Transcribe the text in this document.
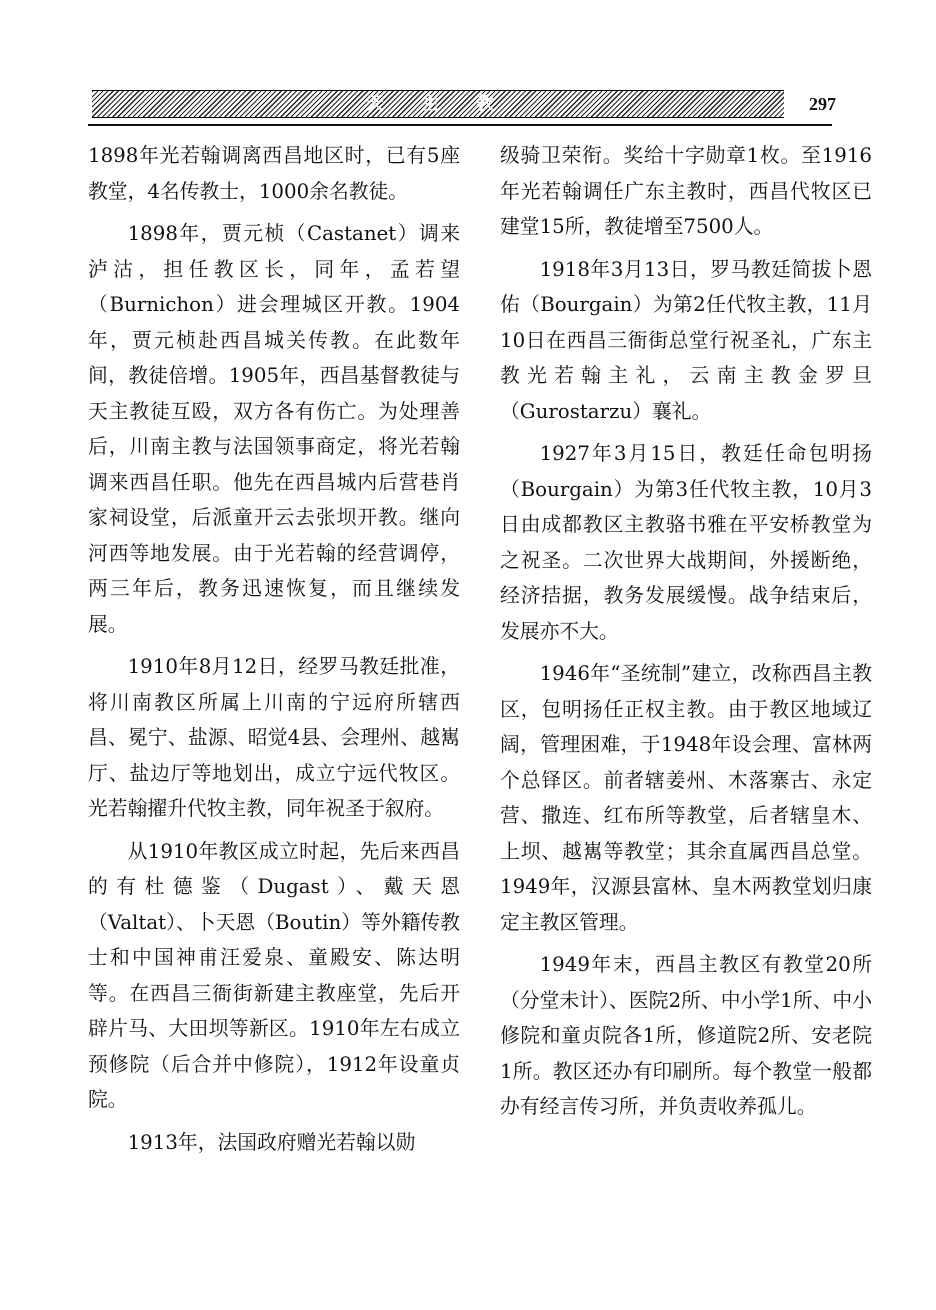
天 主 教	297

1898年光若翰调离西昌地区时，已有5座教堂，4名传教士，1000余名教徒。

1898年，贾元桢（Castanet）调来泸沽，担任教区长，同年，孟若望（Burnichon）进会理城区开教。1904年，贾元桢赴西昌城关传教。在此数年间，教徒倍增。1905年，西昌基督教徒与天主教徒互殴，双方各有伤亡。为处理善后，川南主教与法国领事商定，将光若翰调来西昌任职。他先在西昌城内后营巷肖家祠设堂，后派童开云去张坝开教。继向河西等地发展。由于光若翰的经营调停，两三年后，教务迅速恢复，而且继续发展。

1910年8月12日，经罗马教廷批准，将川南教区所属上川南的宁远府所辖西昌、冕宁、盐源、昭觉4县、会理州、越嶲厅、盐边厅等地划出，成立宁远代牧区。光若翰擢升代牧主教，同年祝圣于叙府。

从1910年教区成立时起，先后来西昌的有杜德鉴（Dugast）、戴天恩（Valtat）、卜天恩（Boutin）等外籍传教士和中国神甫汪爱泉、童殿安、陈达明等。在西昌三衙街新建主教座堂，先后开辟片马、大田坝等新区。1910年左右成立预修院（后合并中修院），1912年设童贞院。

1913年，法国政府赠光若翰以勋

级骑卫荣衔。奖给十字勋章1枚。至1916年光若翰调任广东主教时，西昌代牧区已建堂15所，教徒增至7500人。

1918年3月13日，罗马教廷简拔卜恩佑（Bourgain）为第2任代牧主教，11月10日在西昌三衙街总堂行祝圣礼，广东主教光若翰主礼，云南主教金罗旦（Gurostarzu）襄礼。

1927年3月15日，教廷任命包明扬（Bourgain）为第3任代牧主教，10月3日由成都教区主教骆书雅在平安桥教堂为之祝圣。二次世界大战期间，外援断绝，经济拮据，教务发展缓慢。战争结束后，发展亦不大。

1946年“圣统制”建立，改称西昌主教区，包明扬任正权主教。由于教区地域辽阔，管理困难，于1948年设会理、富林两个总铎区。前者辖姜州、木落寨古、永定营、撒连、红布所等教堂，后者辖皇木、上坝、越嶲等教堂；其余直属西昌总堂。1949年，汉源县富林、皇木两教堂划归康定主教区管理。

1949年末，西昌主教区有教堂20所（分堂未计）、医院2所、中小学1所、中小修院和童贞院各1所，修道院2所、安老院1所。教区还办有印刷所。每个教堂一般都办有经言传习所，并负责收养孤儿。
